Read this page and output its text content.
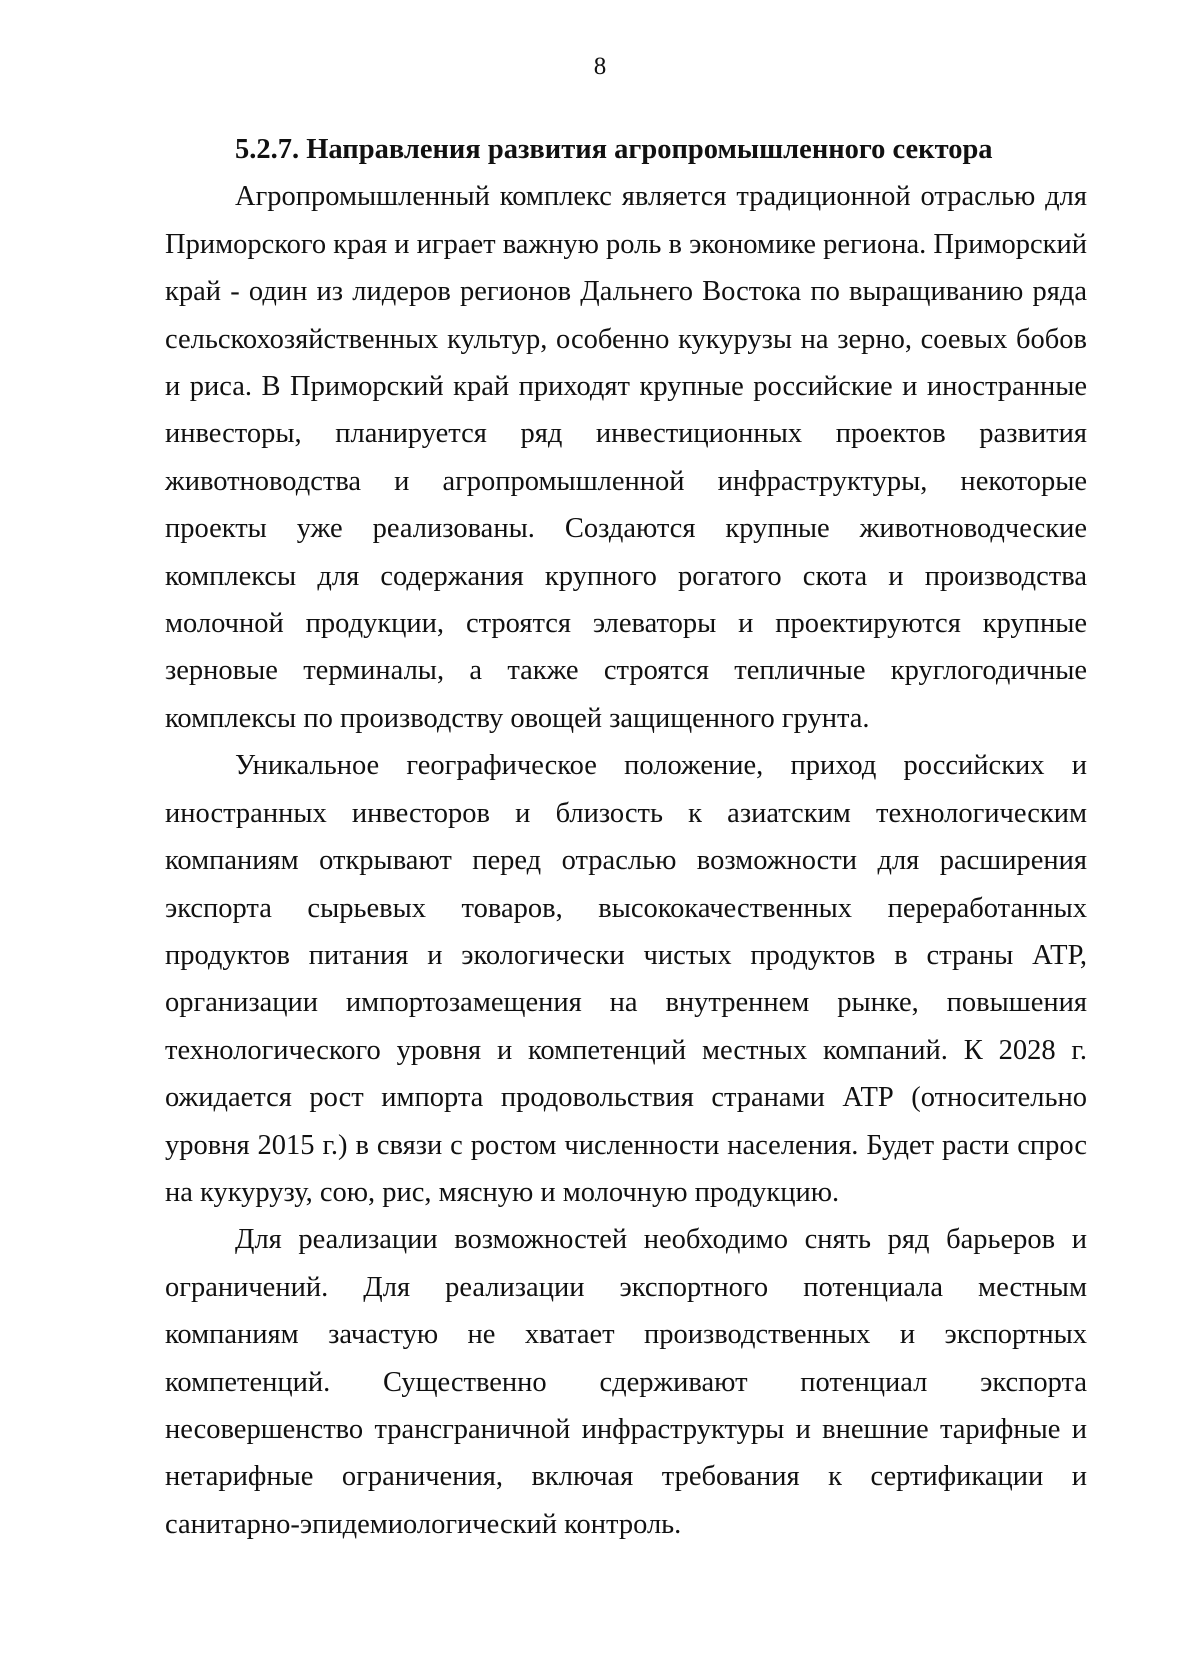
8
5.2.7. Направления развития агропромышленного сектора

Агропромышленный комплекс является традиционной отраслью для Приморского края и играет важную роль в экономике региона. Приморский край - один из лидеров регионов Дальнего Востока по выращиванию ряда сельскохозяйственных культур, особенно кукурузы на зерно, соевых бобов и риса. В Приморский край приходят крупные российские и иностранные инвесторы, планируется ряд инвестиционных проектов развития животноводства и агропромышленной инфраструктуры, некоторые проекты уже реализованы. Создаются крупные животноводческие комплексы для содержания крупного рогатого скота и производства молочной продукции, строятся элеваторы и проектируются крупные зерновые терминалы, а также строятся тепличные круглогодичные комплексы по производству овощей защищенного грунта.

Уникальное географическое положение, приход российских и иностранных инвесторов и близость к азиатским технологическим компаниям открывают перед отраслью возможности для расширения экспорта сырьевых товаров, высококачественных переработанных продуктов питания и экологически чистых продуктов в страны АТР, организации импортозамещения на внутреннем рынке, повышения технологического уровня и компетенций местных компаний. К 2028 г. ожидается рост импорта продовольствия странами АТР (относительно уровня 2015 г.) в связи с ростом численности населения. Будет расти спрос на кукурузу, сою, рис, мясную и молочную продукцию.

Для реализации возможностей необходимо снять ряд барьеров и ограничений. Для реализации экспортного потенциала местным компаниям зачастую не хватает производственных и экспортных компетенций. Существенно сдерживают потенциал экспорта несовершенство трансграничной инфраструктуры и внешние тарифные и нетарифные ограничения, включая требования к сертификации и санитарно-эпидемиологический контроль.
